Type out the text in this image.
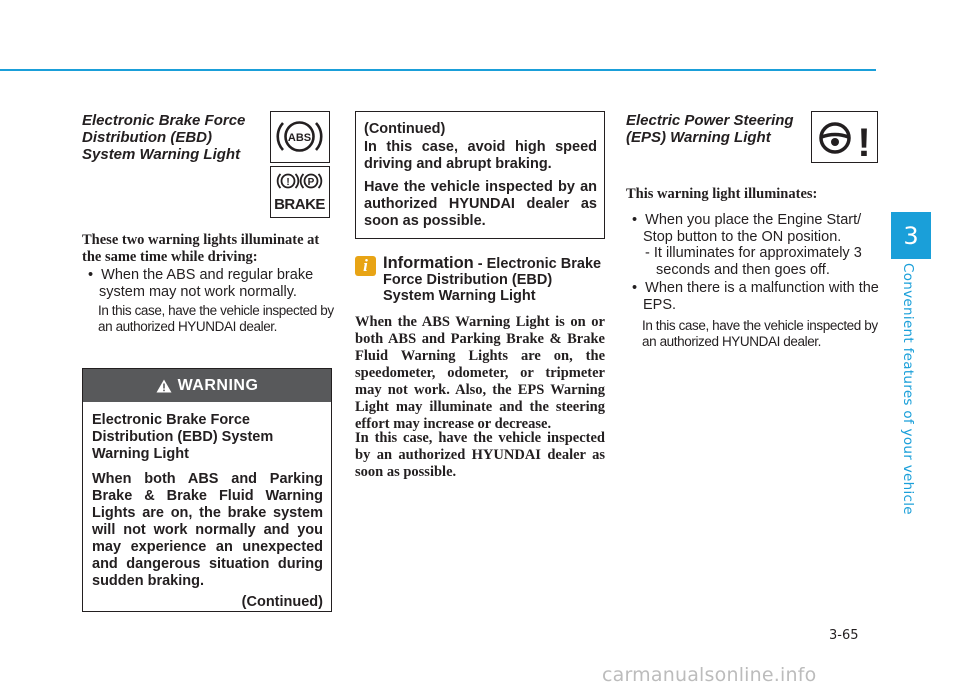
Electronic Brake Force
Distribution (EBD)
System Warning Light
ABS
! P
BRAKE
These two warning lights illuminate at the same time while driving:
•  When the ABS and regular brake system may not work normally.
In this case, have the vehicle inspected by an authorized HYUNDAI dealer.
WARNING
Electronic Brake Force Distribution (EBD) System Warning Light
When both ABS and Parking Brake & Brake Fluid Warning Lights are on, the brake system will not work normally and you may experience an unexpected and dangerous situation during sudden braking.
(Continued)
(Continued)
In this case, avoid high speed driving and abrupt braking.
Have the vehicle inspected by an authorized HYUNDAI dealer as soon as possible.
i Information - Electronic Brake Force Distribution (EBD) System Warning Light
When the ABS Warning Light is on or both ABS and Parking Brake & Brake Fluid Warning Lights are on, the speedometer, odometer, or tripmeter may not work. Also, the EPS Warning Light may illuminate and the steering effort may increase or decrease.
In this case, have the vehicle inspected by an authorized HYUNDAI dealer as soon as possible.
Electric Power Steering
(EPS) Warning Light	!
This warning light illuminates:
•  When you place the Engine Start/ Stop button to the ON position.
- It illuminates for approximately 3 seconds and then goes off.
•  When there is a malfunction with the EPS.
In this case, have the vehicle inspected by an authorized HYUNDAI dealer.
3
Convenient features of your vehicle
3-65
carmanualsonline.info
